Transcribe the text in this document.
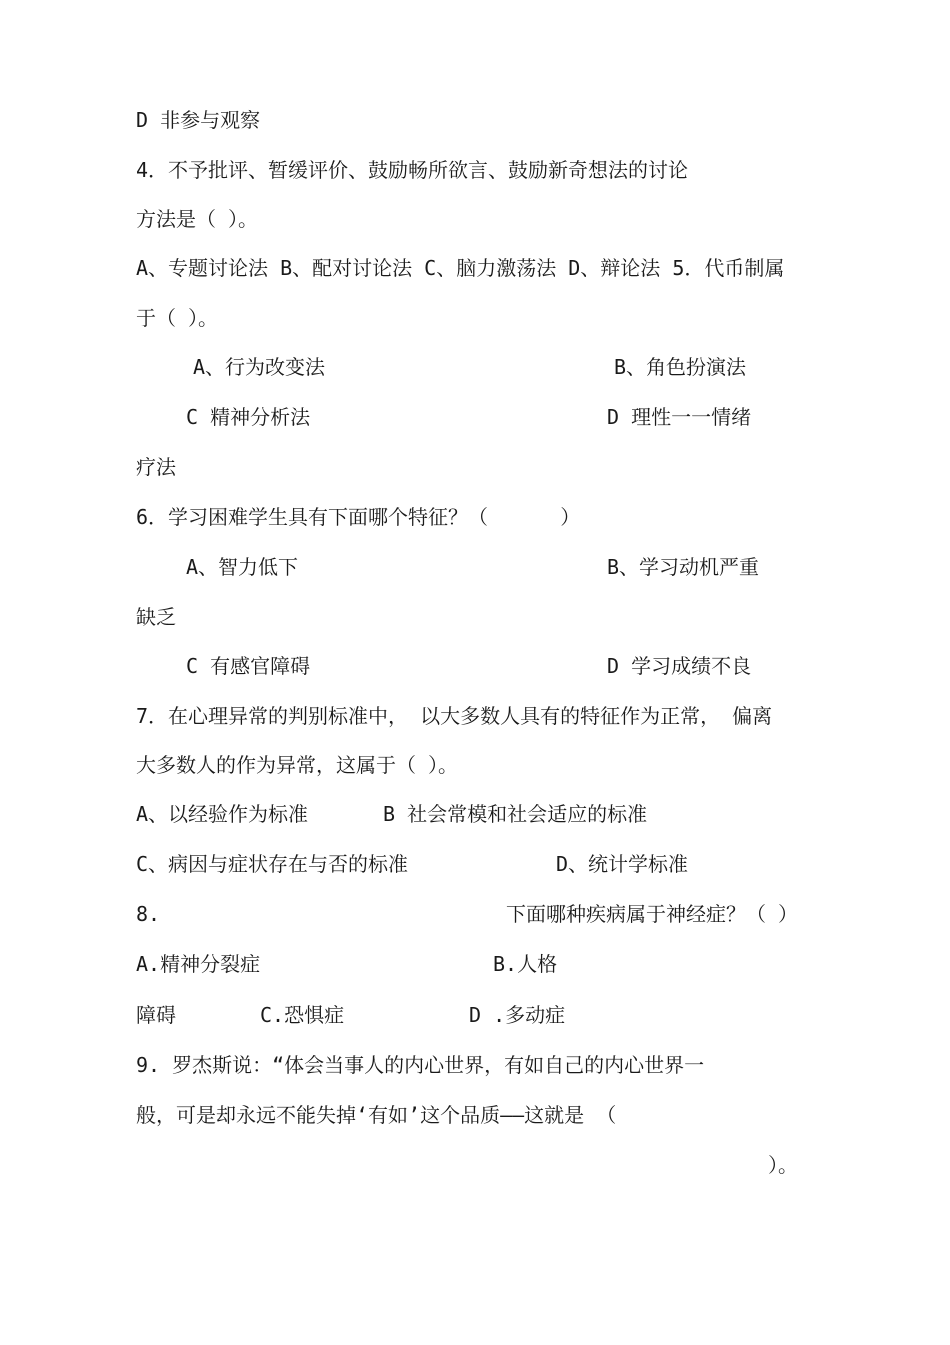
D 非参与观察
4．不予批评、暂缓评价、鼓励畅所欲言、鼓励新奇想法的讨论
方法是（ ）。
A、专题讨论法 B、配对讨论法 C、脑力激荡法 D、辩论法 5．代币制属
于（ ）。
A、行为改变法	B、角色扮演法
C 精神分析法	D 理性一一情绪
疗法
6．学习困难学生具有下面哪个特征？（      ）
A、智力低下	B、学习动机严重
缺乏
C 有感官障碍	D 学习成绩不良
7．在心理异常的判别标准中， 以大多数人具有的特征作为正常， 偏离
大多数人的作为异常，这属于（ ）。
A、以经验作为标准	B 社会常模和社会适应的标准
C、病因与症状存在与否的标准	D、统计学标准
8.	下面哪种疾病属于神经症？（ ）
A.精神分裂症	B.人格
障碍	C.恐惧症	D .多动症
9. 罗杰斯说：“体会当事人的内心世界，有如自己的内心世界一
般，可是却永远不能失掉‘有如’这个品质——这就是 （
）。
